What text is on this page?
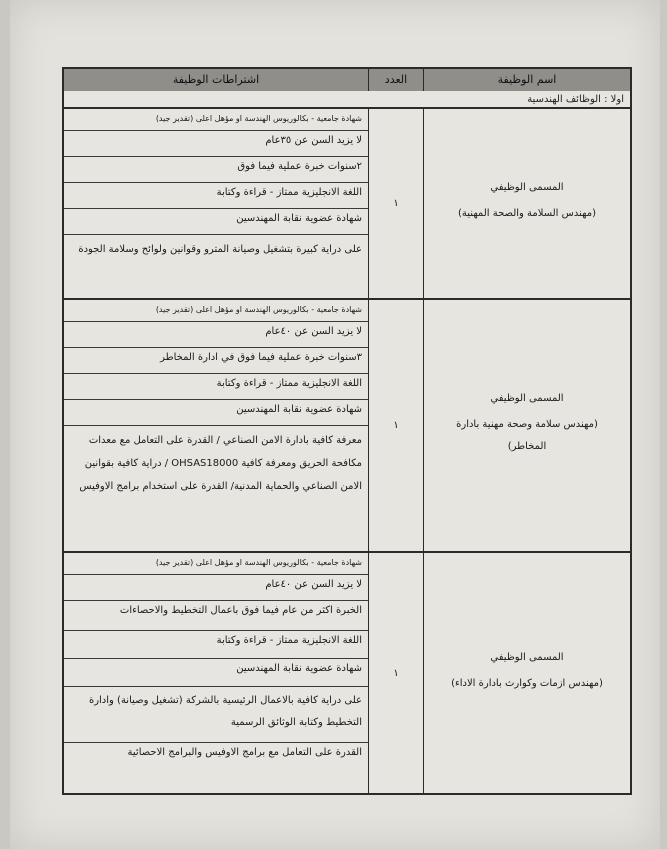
اشتراطات الوظيفة	العدد	اسم الوظيفة
اولا : الوظائف الهندسية
شهادة جامعية - بكالوريوس الهندسة او مؤهل اعلى (تقدير جيد)
لا يزيد السن عن ٣٥عام
٢سنوات خبرة عملية فيما فوق
اللغة الانجليزية ممتاز - قراءة وكتابة
شهادة عضوية نقابة المهندسين
على دراية كبيرة بتشغيل وصيانة المترو وقوانين ولوائح وسلامة الجودة
١
المسمى الوظيفي
(مهندس السلامة والصحة المهنية)
شهادة جامعية - بكالوريوس الهندسة او مؤهل اعلى (تقدير جيد)
لا يزيد السن عن ٤٠عام
٣سنوات خبرة عملية فيما فوق في ادارة المخاطر
اللغة الانجليزية ممتاز - قراءة وكتابة
شهادة عضوية نقابة المهندسين
معرفة كافية بادارة الامن الصناعي / القدرة على التعامل مع معدات مكافحة الحريق ومعرفة كافية OHSAS18000 / دراية كافية بقوانين الامن الصناعي والحماية المدنية/ القدرة على استخدام برامج الاوفيس
١
المسمى الوظيفي
(مهندس سلامة وصحة مهنية بادارة المخاطر)
شهادة جامعية - بكالوريوس الهندسة او مؤهل اعلى (تقدير جيد)
لا يزيد السن عن ٤٠عام
الخبرة اكثر من عام فيما فوق باعمال التخطيط والاحصاءات
اللغة الانجليزية ممتاز - قراءة وكتابة
شهادة عضوية نقابة المهندسين
على دراية كافية بالاعمال الرئيسية بالشركة (تشغيل وصيانة) وادارة التخطيط وكتابة الوثائق الرسمية
القدرة على التعامل مع برامج الاوفيس والبرامج الاحصائية
١
المسمى الوظيفي
(مهندس ازمات وكوارث بادارة الاداء)
